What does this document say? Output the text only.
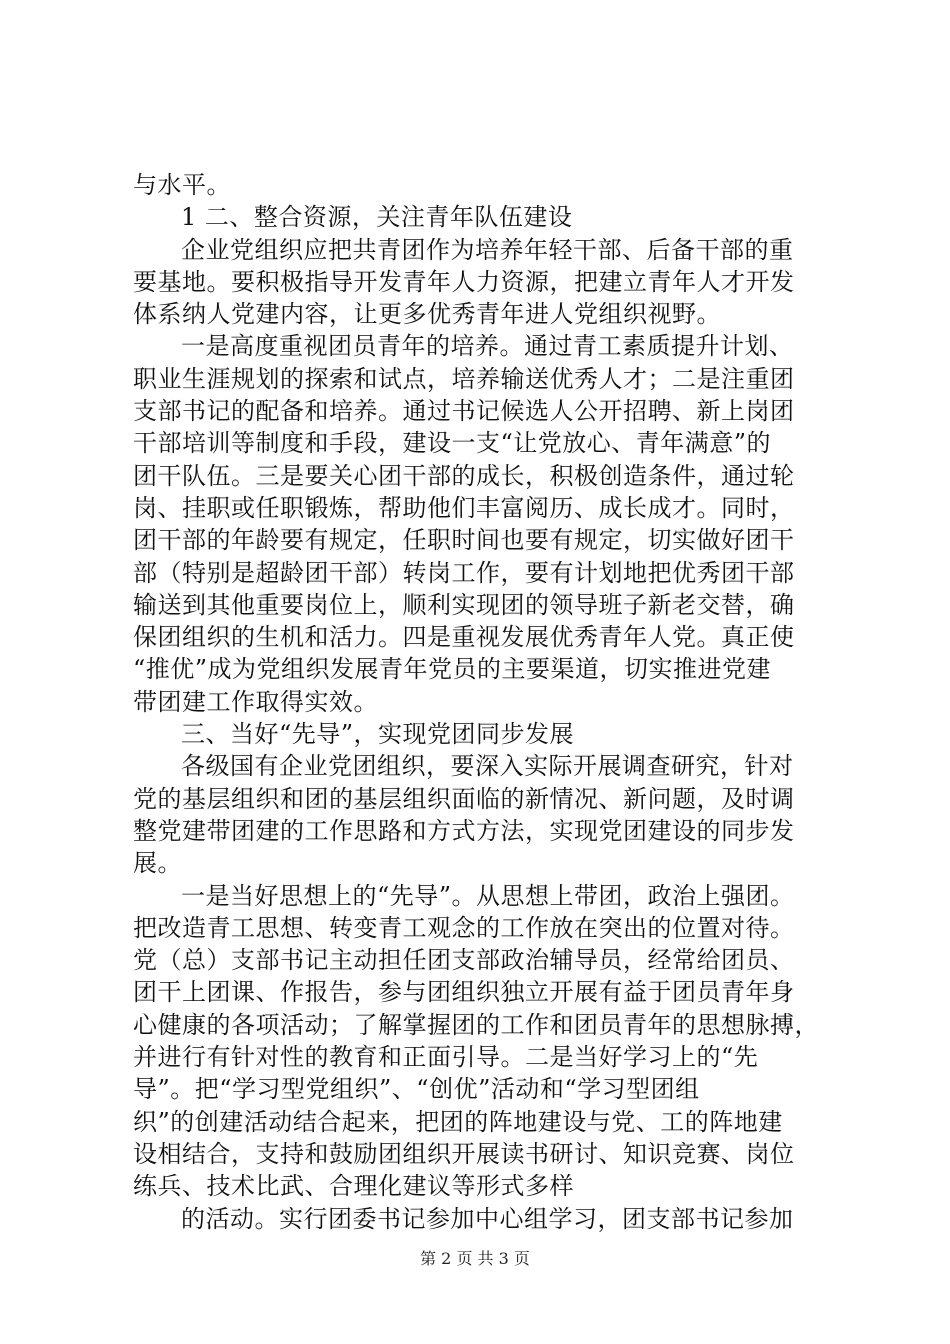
与水平。
1 二、整合资源，关注青年队伍建设
企业党组织应把共青团作为培养年轻干部、后备干部的重
要基地。要积极指导开发青年人力资源，把建立青年人才开发
体系纳人党建内容，让更多优秀青年进人党组织视野。
一是高度重视团员青年的培养。通过青工素质提升计划、
职业生涯规划的探索和试点，培养输送优秀人才；二是注重团
支部书记的配备和培养。通过书记候选人公开招聘、新上岗团
干部培训等制度和手段，建设一支“让党放心、青年满意”的
团干队伍。三是要关心团干部的成长，积极创造条件，通过轮
岗、挂职或任职锻炼，帮助他们丰富阅历、成长成才。同时，
团干部的年龄要有规定，任职时间也要有规定，切实做好团干
部（特别是超龄团干部）转岗工作，要有计划地把优秀团干部
输送到其他重要岗位上，顺利实现团的领导班子新老交替，确
保团组织的生机和活力。四是重视发展优秀青年人党。真正使
“推优”成为党组织发展青年党员的主要渠道，切实推进党建
带团建工作取得实效。
三、当好“先导”，实现党团同步发展
各级国有企业党团组织，要深入实际开展调查研究，针对
党的基层组织和团的基层组织面临的新情况、新问题，及时调
整党建带团建的工作思路和方式方法，实现党团建设的同步发
展。
一是当好思想上的“先导”。从思想上带团，政治上强团。
把改造青工思想、转变青工观念的工作放在突出的位置对待。
党（总）支部书记主动担任团支部政治辅导员，经常给团员、
团干上团课、作报告，参与团组织独立开展有益于团员青年身
心健康的各项活动；了解掌握团的工作和团员青年的思想脉搏，
并进行有针对性的教育和正面引导。二是当好学习上的“先
导”。把“学习型党组织”、“创优”活动和“学习型团组
织”的创建活动结合起来，把团的阵地建设与党、工的阵地建
设相结合，支持和鼓励团组织开展读书研讨、知识竞赛、岗位
练兵、技术比武、合理化建议等形式多样
的活动。实行团委书记参加中心组学习，团支部书记参加
第 2 页 共 3 页
